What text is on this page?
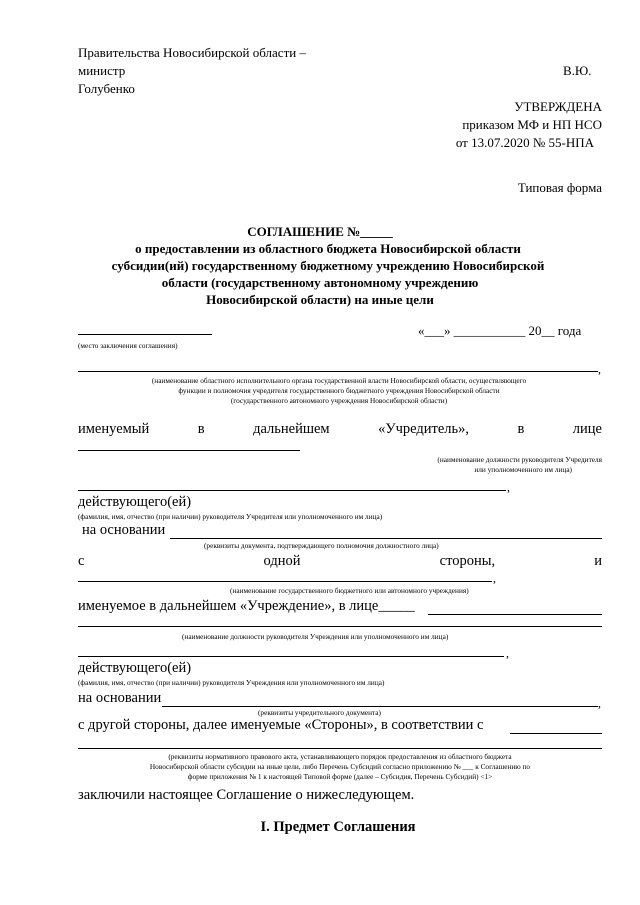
Правительства Новосибирской области –
министр
Голубенко
В.Ю.
УТВЕРЖДЕНА
приказом МФ и НП НСО
от 13.07.2020 № 55-НПА
Типовая форма
СОГЛАШЕНИЕ №_____
о предоставлении из областного бюджета Новосибирской области
субсидии(ий) государственному бюджетному учреждению Новосибирской
области (государственному автономному учреждению
Новосибирской области) на иные цели
«___» ___________ 20__ года
(место заключения соглашения)
,
(наименование областного исполнительного органа государственной власти Новосибирской области, осуществляющего
функции и полномочия учредителя государственного бюджетного учреждения Новосибирской области
(государственного автономного учреждения Новосибирской области)
именуемый	в	дальнейшем	«Учредитель»,	в	лице
(наименование должности руководителя Учредителя
или уполномоченного им лица)
,
действующего(ей)
(фамилия, имя, отчество (при наличии) руководителя Учредителя или уполномоченного им лица)
на основании
(реквизиты документа, подтверждающего полномочия должностного лица)
с	одной	стороны,	и
,
(наименование государственного бюджетного или автономного учреждения)
именуемое в дальнейшем «Учреждение», в лице_____
(наименование должности руководителя Учреждения или уполномоченного им лица)
,
действующего(ей)
(фамилия, имя, отчество (при наличии) руководителя Учреждения или уполномоченного им лица)
на основании	,
(реквизиты учредительного документа)
с другой стороны, далее именуемые «Стороны», в соответствии с
(реквизиты нормативного правового акта, устанавливающего порядок предоставления из областного бюджета
Новосибирской области субсидии на иные цели, либо Перечень Субсидий согласно приложению № ___ к Соглашению по
форме приложения № 1 к настоящей Типовой форме (далее – Субсидия, Перечень Субсидий) <1>
заключили настоящее Соглашение о нижеследующем.
I. Предмет Соглашения
